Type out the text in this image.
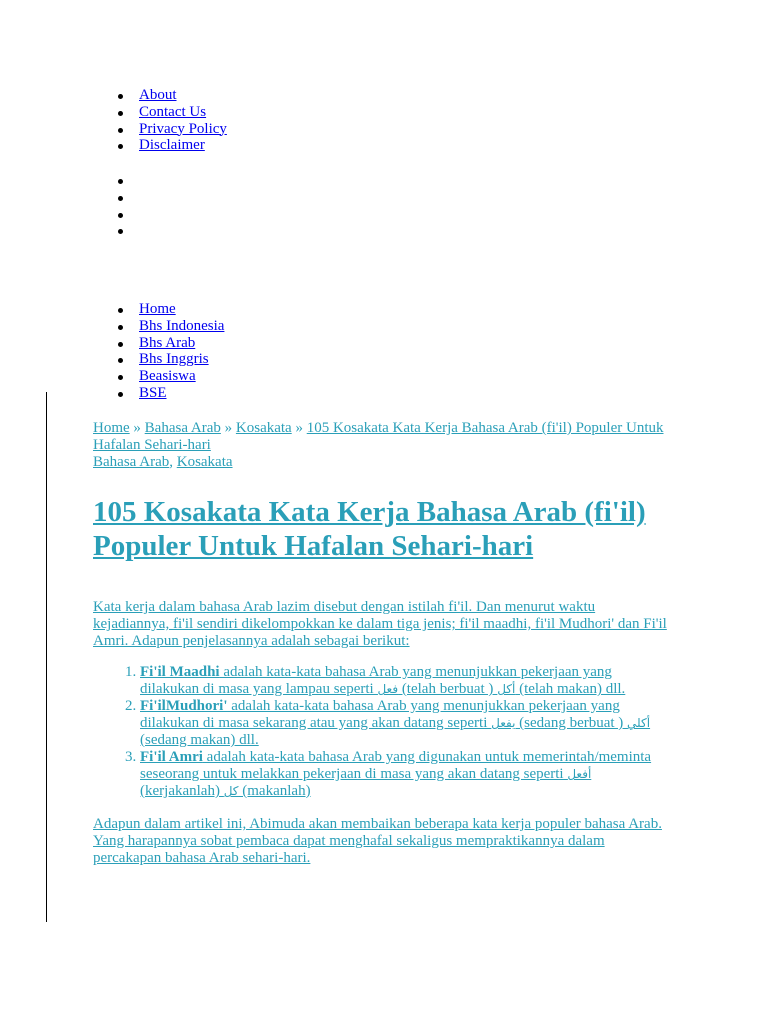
About
Contact Us
Privacy Policy
Disclaimer
Home
Bhs Indonesia
Bhs Arab
Bhs Inggris
Beasiswa
BSE
Home » Bahasa Arab » Kosakata » 105 Kosakata Kata Kerja Bahasa Arab (fi'il) Populer Untuk Hafalan Sehari-hari
Bahasa Arab, Kosakata
105 Kosakata Kata Kerja Bahasa Arab (fi'il) Populer Untuk Hafalan Sehari-hari

Kata kerja dalam bahasa Arab lazim disebut dengan istilah fi'il. Dan menurut waktu kejadiannya, fi'il sendiri dikelompokkan ke dalam tiga jenis; fi'il maadhi, fi'il Mudhori' dan Fi'il Amri. Adapun penjelasannya adalah sebagai berikut:

1. Fi'il Maadhi adalah kata-kata bahasa Arab yang menunjukkan pekerjaan yang dilakukan di masa yang lampau seperti فعل (telah berbuat ) أكل (telah makan) dll.
2. Fi'ilMudhori' adalah kata-kata bahasa Arab yang menunjukkan pekerjaan yang dilakukan di masa sekarang atau yang akan datang seperti يفعل (sedang berbuat ) أكلي (sedang makan) dll.
3. Fi'il Amri adalah kata-kata bahasa Arab yang digunakan untuk memerintah/meminta seseorang untuk melakkan pekerjaan di masa yang akan datang seperti أفعل (kerjakanlah) كل (makanlah)

Adapun dalam artikel ini, Abimuda akan membaikan beberapa kata kerja populer bahasa Arab. Yang harapannya sobat pembaca dapat menghafal sekaligus mempraktikannya dalam percakapan bahasa Arab sehari-hari.
